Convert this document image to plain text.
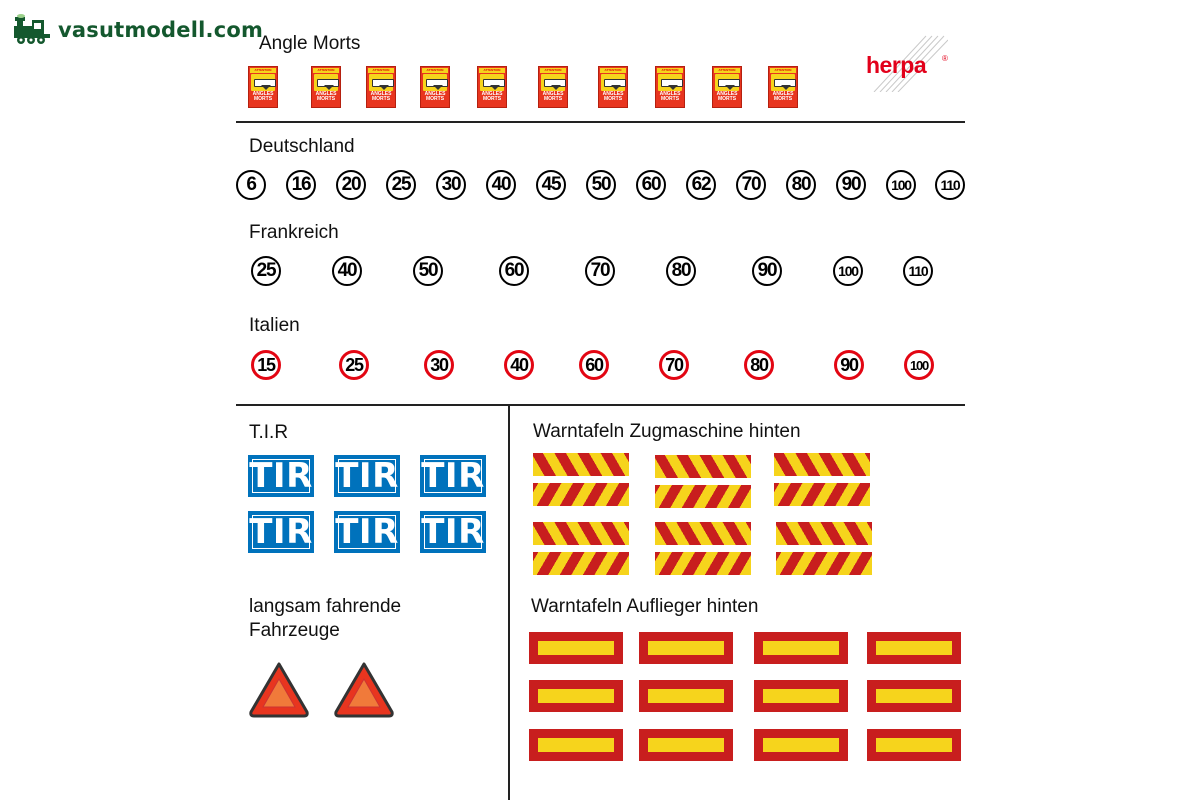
vasutmodell.com
herpa ®
Angle Morts
ATTENTION
ANGLES MORTS
ATTENTION
ANGLES MORTS
ATTENTION
ANGLES MORTS
ATTENTION
ANGLES MORTS
ATTENTION
ANGLES MORTS
ATTENTION
ANGLES MORTS
ATTENTION
ANGLES MORTS
ATTENTION
ANGLES MORTS
ATTENTION
ANGLES MORTS
ATTENTION
ANGLES MORTS
Deutschland
6 16 20 25 30 40 45 50 60 62 70 80 90 100 110
Frankreich
25	40	50	60	70	80	90	100	110
Italien
15	25	30	40	60	70	80	90	100
T.I.R
TIR TIR TIR
TIR TIR TIR
langsam fahrende
Fahrzeuge
Warntafeln Zugmaschine hinten
Warntafeln Auflieger hinten
